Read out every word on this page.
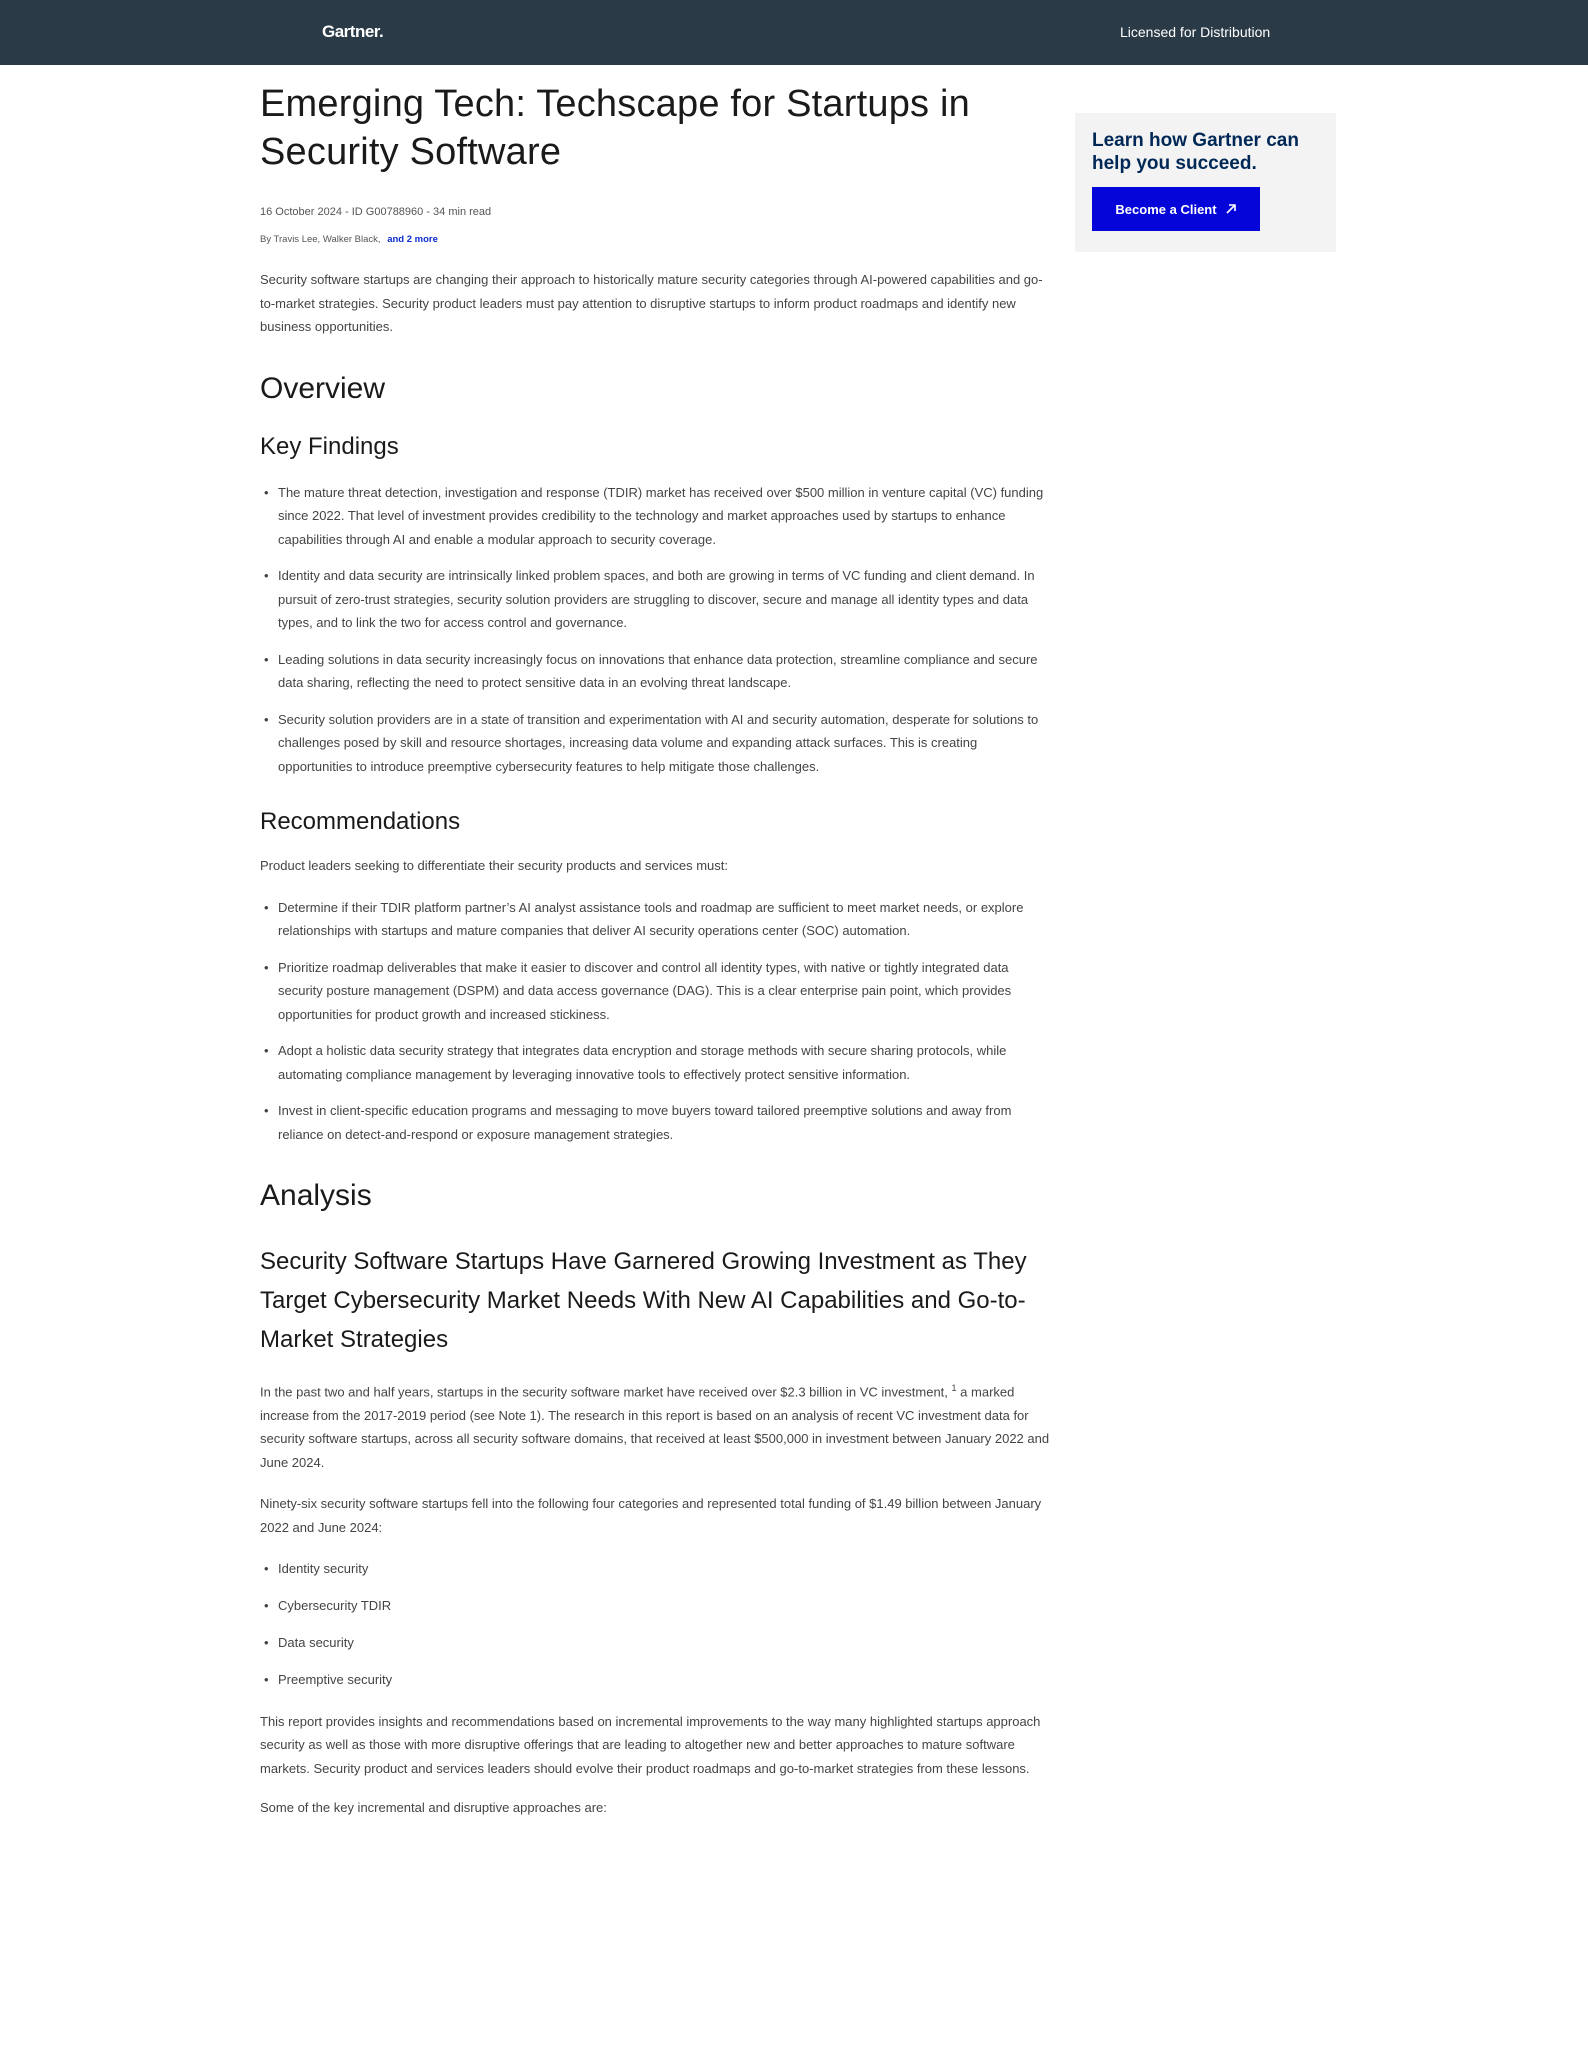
Gartner.	Licensed for Distribution
Emerging Tech: Techscape for Startups in Security Software
16 October 2024 - ID G00788960 - 34 min read
By Travis Lee, Walker Black, and 2 more

Security software startups are changing their approach to historically mature security categories through AI-powered capabilities and go-to-market strategies. Security product leaders must pay attention to disruptive startups to inform product roadmaps and identify new business opportunities.

Overview
Key Findings
• The mature threat detection, investigation and response (TDIR) market has received over $500 million in venture capital (VC) funding since 2022. That level of investment provides credibility to the technology and market approaches used by startups to enhance capabilities through AI and enable a modular approach to security coverage.
• Identity and data security are intrinsically linked problem spaces, and both are growing in terms of VC funding and client demand. In pursuit of zero-trust strategies, security solution providers are struggling to discover, secure and manage all identity types and data types, and to link the two for access control and governance.
• Leading solutions in data security increasingly focus on innovations that enhance data protection, streamline compliance and secure data sharing, reflecting the need to protect sensitive data in an evolving threat landscape.
• Security solution providers are in a state of transition and experimentation with AI and security automation, desperate for solutions to challenges posed by skill and resource shortages, increasing data volume and expanding attack surfaces. This is creating opportunities to introduce preemptive cybersecurity features to help mitigate those challenges.
Recommendations

Product leaders seeking to differentiate their security products and services must:

• Determine if their TDIR platform partner’s AI analyst assistance tools and roadmap are sufficient to meet market needs, or explore relationships with startups and mature companies that deliver AI security operations center (SOC) automation.
• Prioritize roadmap deliverables that make it easier to discover and control all identity types, with native or tightly integrated data security posture management (DSPM) and data access governance (DAG). This is a clear enterprise pain point, which provides opportunities for product growth and increased stickiness.
• Adopt a holistic data security strategy that integrates data encryption and storage methods with secure sharing protocols, while automating compliance management by leveraging innovative tools to effectively protect sensitive information.
• Invest in client-specific education programs and messaging to move buyers toward tailored preemptive solutions and away from reliance on detect-and-respond or exposure management strategies.
Analysis
Security Software Startups Have Garnered Growing Investment as They Target Cybersecurity Market Needs With New AI Capabilities and Go-to-Market Strategies

In the past two and half years, startups in the security software market have received over $2.3 billion in VC investment, $^1$ a marked increase from the 2017-2019 period (see Note 1). The research in this report is based on an analysis of recent VC investment data for security software startups, across all security software domains, that received at least $500,000 in investment between January 2022 and June 2024.

Ninety-six security software startups fell into the following four categories and represented total funding of $1.49 billion between January 2022 and June 2024:

• Identity security
• Cybersecurity TDIR
• Data security
• Preemptive security

This report provides insights and recommendations based on incremental improvements to the way many highlighted startups approach security as well as those with more disruptive offerings that are leading to altogether new and better approaches to mature software markets. Security product and services leaders should evolve their product roadmaps and go-to-market strategies from these lessons.

Some of the key incremental and disruptive approaches are:
Learn how Gartner can help you succeed.
Become a Client
